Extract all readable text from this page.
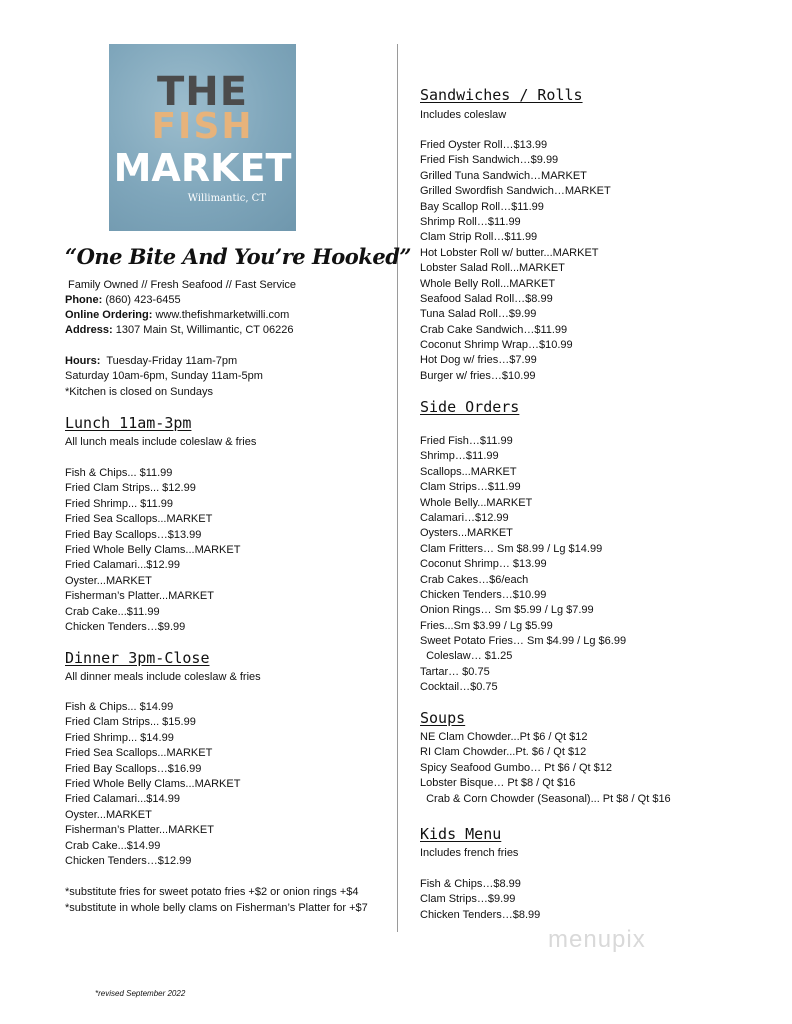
THE
FISH
MARKET
Willimantic, CT
“One Bite And You’re Hooked”
Family Owned // Fresh Seafood // Fast Service
Phone: (860) 423-6455
Online Ordering: www.thefishmarketwilli.com
Address: 1307 Main St, Willimantic, CT 06226
Hours: Tuesday-Friday 11am-7pm
Saturday 10am-6pm, Sunday 11am-5pm
*Kitchen is closed on Sundays
Lunch 11am-3pm
All lunch meals include coleslaw & fries
Fish & Chips... $11.99
Fried Clam Strips... $12.99
Fried Shrimp... $11.99
Fried Sea Scallops...MARKET
Fried Bay Scallops…$13.99
Fried Whole Belly Clams...MARKET
Fried Calamari...$12.99
Oyster...MARKET
Fisherman’s Platter...MARKET
Crab Cake...$11.99
Chicken Tenders…$9.99
Dinner 3pm-Close
All dinner meals include coleslaw & fries
Fish & Chips... $14.99
Fried Clam Strips... $15.99
Fried Shrimp... $14.99
Fried Sea Scallops...MARKET
Fried Bay Scallops…$16.99
Fried Whole Belly Clams...MARKET
Fried Calamari...$14.99
Oyster...MARKET
Fisherman’s Platter...MARKET
Crab Cake...$14.99
Chicken Tenders…$12.99
*substitute fries for sweet potato fries +$2 or onion rings +$4
*substitute in whole belly clams on Fisherman’s Platter for +$7
Sandwiches / Rolls
Includes coleslaw
Fried Oyster Roll…$13.99
Fried Fish Sandwich…$9.99
Grilled Tuna Sandwich…MARKET
Grilled Swordfish Sandwich…MARKET
Bay Scallop Roll…$11.99
Shrimp Roll…$11.99
Clam Strip Roll…$11.99
Hot Lobster Roll w/ butter...MARKET
Lobster Salad Roll...MARKET
Whole Belly Roll...MARKET
Seafood Salad Roll…$8.99
Tuna Salad Roll…$9.99
Crab Cake Sandwich…$11.99
Coconut Shrimp Wrap…$10.99
Hot Dog w/ fries…$7.99
Burger w/ fries…$10.99
Side Orders
Fried Fish…$11.99
Shrimp…$11.99
Scallops...MARKET
Clam Strips…$11.99
Whole Belly...MARKET
Calamari…$12.99
Oysters...MARKET
Clam Fritters… Sm $8.99 / Lg $14.99
Coconut Shrimp… $13.99
Crab Cakes…$6/each
Chicken Tenders…$10.99
Onion Rings… Sm $5.99 / Lg $7.99
Fries...Sm $3.99 / Lg $5.99
Sweet Potato Fries… Sm $4.99 / Lg $6.99
Coleslaw… $1.25
Tartar… $0.75
Cocktail…$0.75
Soups
NE Clam Chowder...Pt $6 / Qt $12
RI Clam Chowder...Pt. $6 / Qt $12
Spicy Seafood Gumbo… Pt $6 / Qt $12
Lobster Bisque… Pt $8 / Qt $16
Crab & Corn Chowder (Seasonal)... Pt $8 / Qt $16
Kids Menu
Includes french fries
Fish & Chips…$8.99
Clam Strips…$9.99
Chicken Tenders…$8.99
menupix
*revised September 2022
